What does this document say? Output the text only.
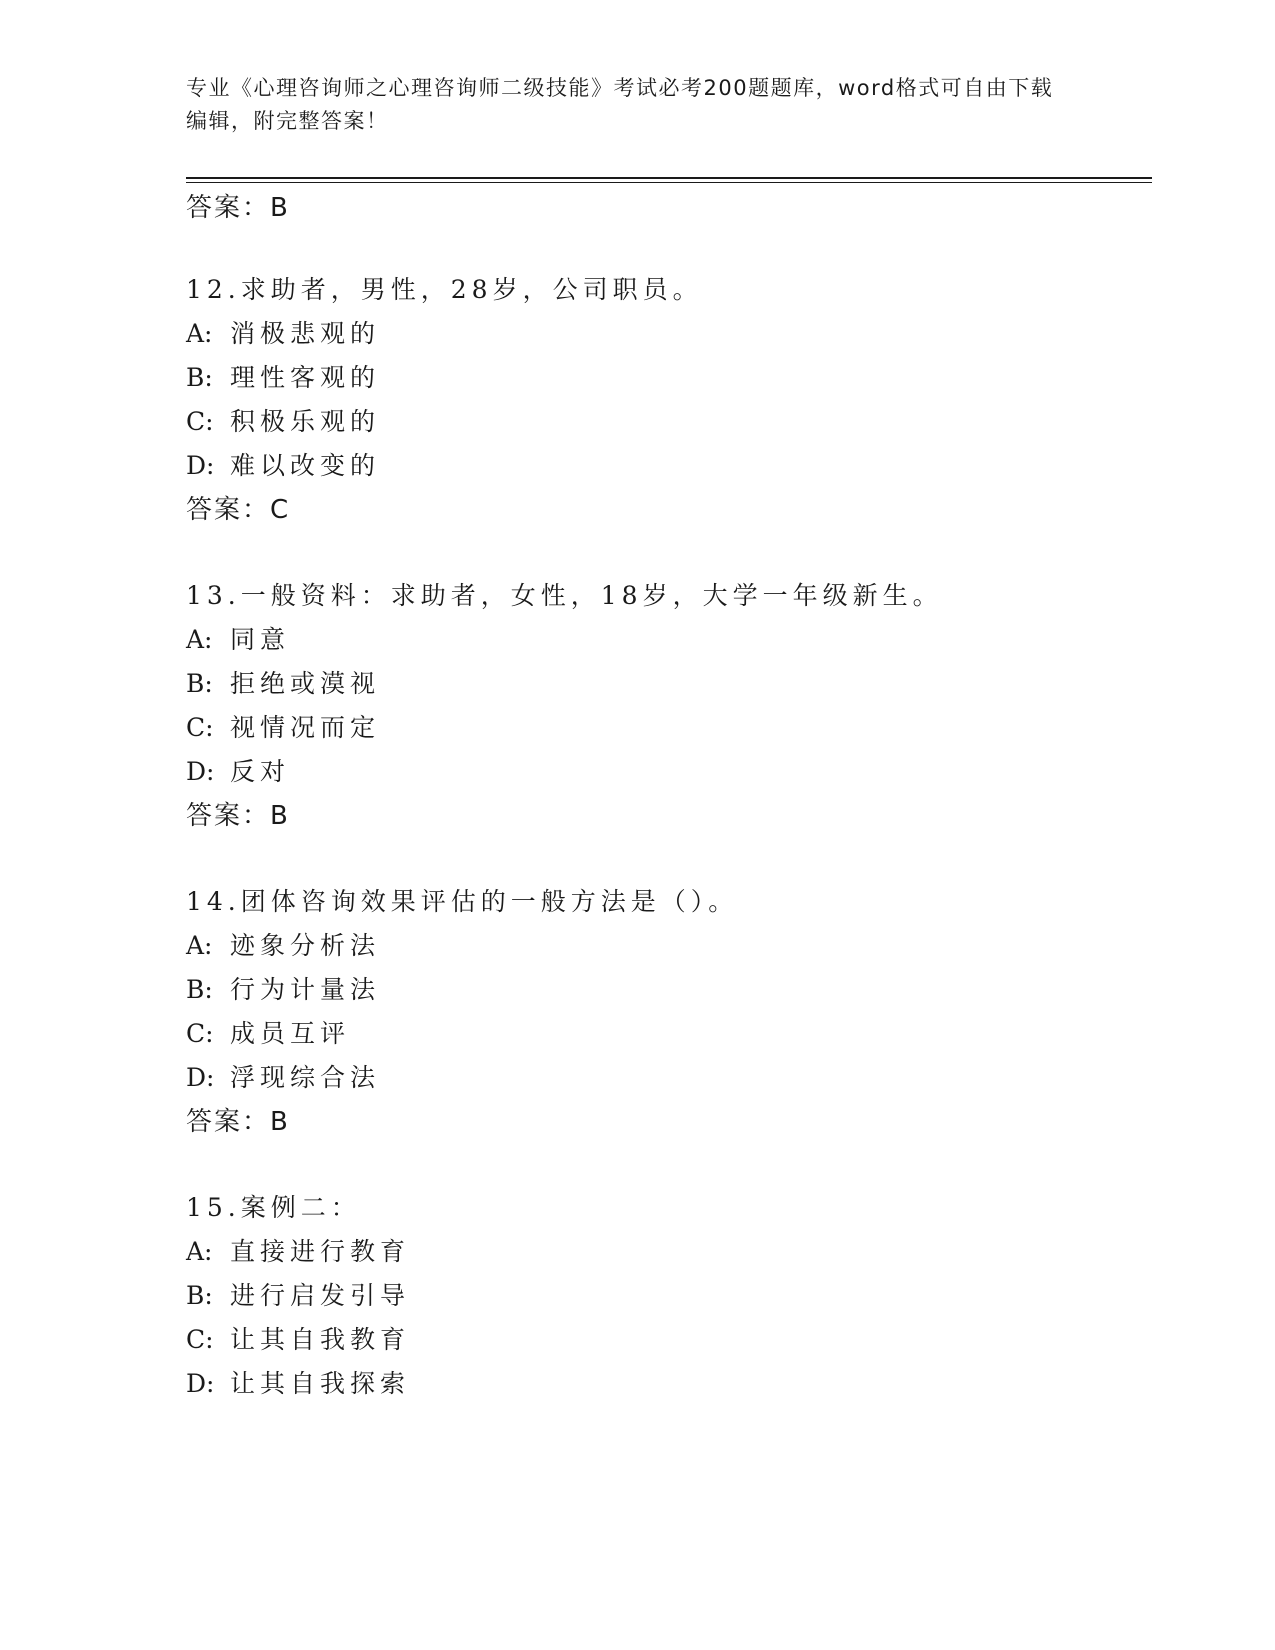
专业《心理咨询师之心理咨询师二级技能》考试必考200题题库，word格式可自由下载编辑，附完整答案！
答案：B
12.求助者，男性，28岁，公司职员。
A: 消极悲观的
B: 理性客观的
C: 积极乐观的
D: 难以改变的
答案：C
13.一般资料：求助者，女性，18岁，大学一年级新生。
A: 同意
B: 拒绝或漠视
C: 视情况而定
D: 反对
答案：B
14.团体咨询效果评估的一般方法是（）。
A: 迹象分析法
B: 行为计量法
C: 成员互评
D: 浮现综合法
答案：B
15.案例二：
A: 直接进行教育
B: 进行启发引导
C: 让其自我教育
D: 让其自我探索
